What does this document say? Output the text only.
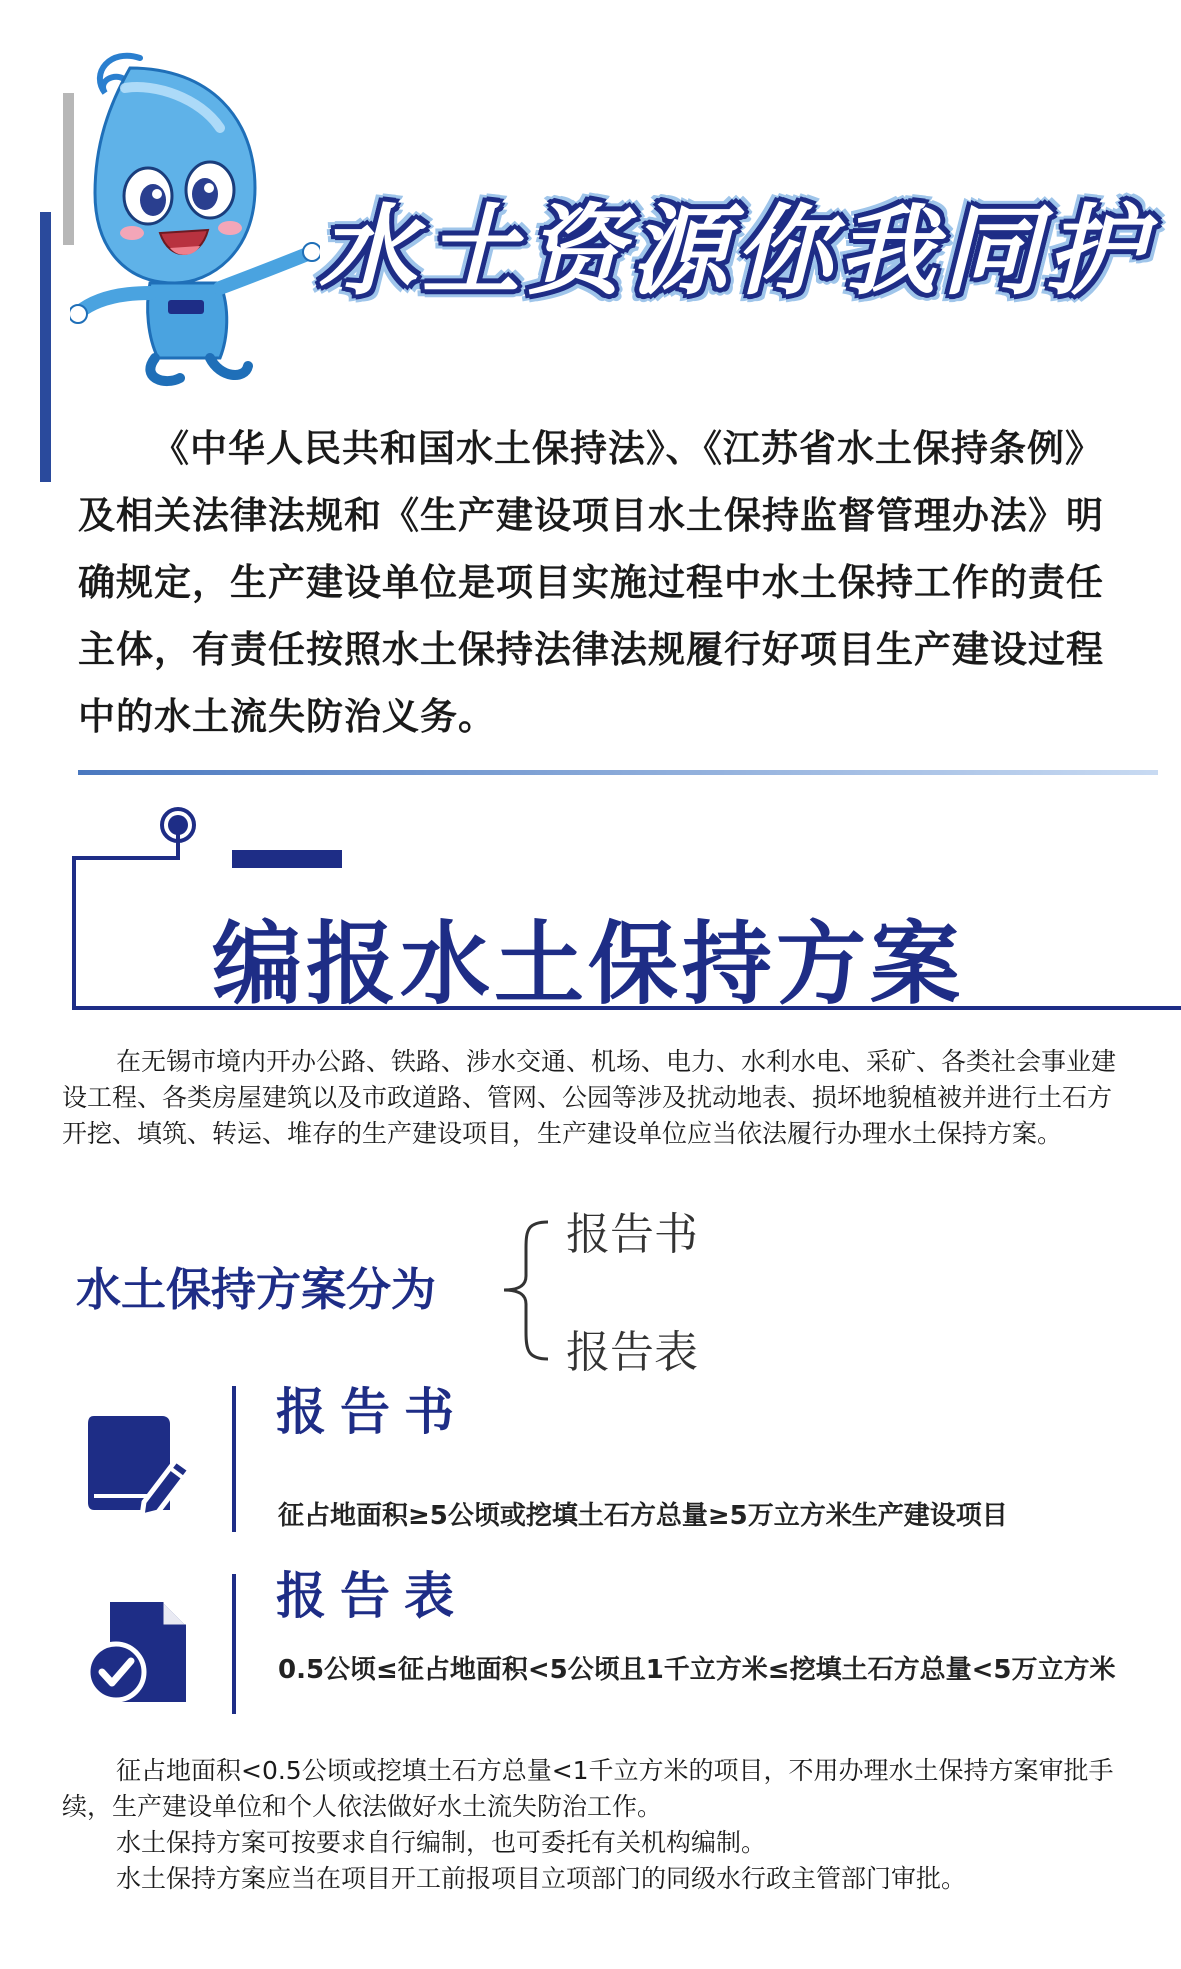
水土资源你我同护

《中华人民共和国水土保持法》、《江苏省水土保持条例》及相关法律法规和《生产建设项目水土保持监督管理办法》明确规定，生产建设单位是项目实施过程中水土保持工作的责任主体，有责任按照水土保持法律法规履行好项目生产建设过程中的水土流失防治义务。

编报水土保持方案

在无锡市境内开办公路、铁路、涉水交通、机场、电力、水利水电、采矿、各类社会事业建设工程、各类房屋建筑以及市政道路、管网、公园等涉及扰动地表、损坏地貌植被并进行土石方开挖、填筑、转运、堆存的生产建设项目，生产建设单位应当依法履行办理水土保持方案。

水土保持方案分为
报告书
报告表
报告书
征占地面积≥5公顷或挖填土石方总量≥5万立方米生产建设项目
报告表
0.5公顷≤征占地面积<5公顷且1千立方米≤挖填土石方总量<5万立方米
征占地面积<0.5公顷或挖填土石方总量<1千立方米的项目，不用办理水土保持方案审批手续，生产建设单位和个人依法做好水土流失防治工作。
水土保持方案可按要求自行编制，也可委托有关机构编制。
水土保持方案应当在项目开工前报项目立项部门的同级水行政主管部门审批。
